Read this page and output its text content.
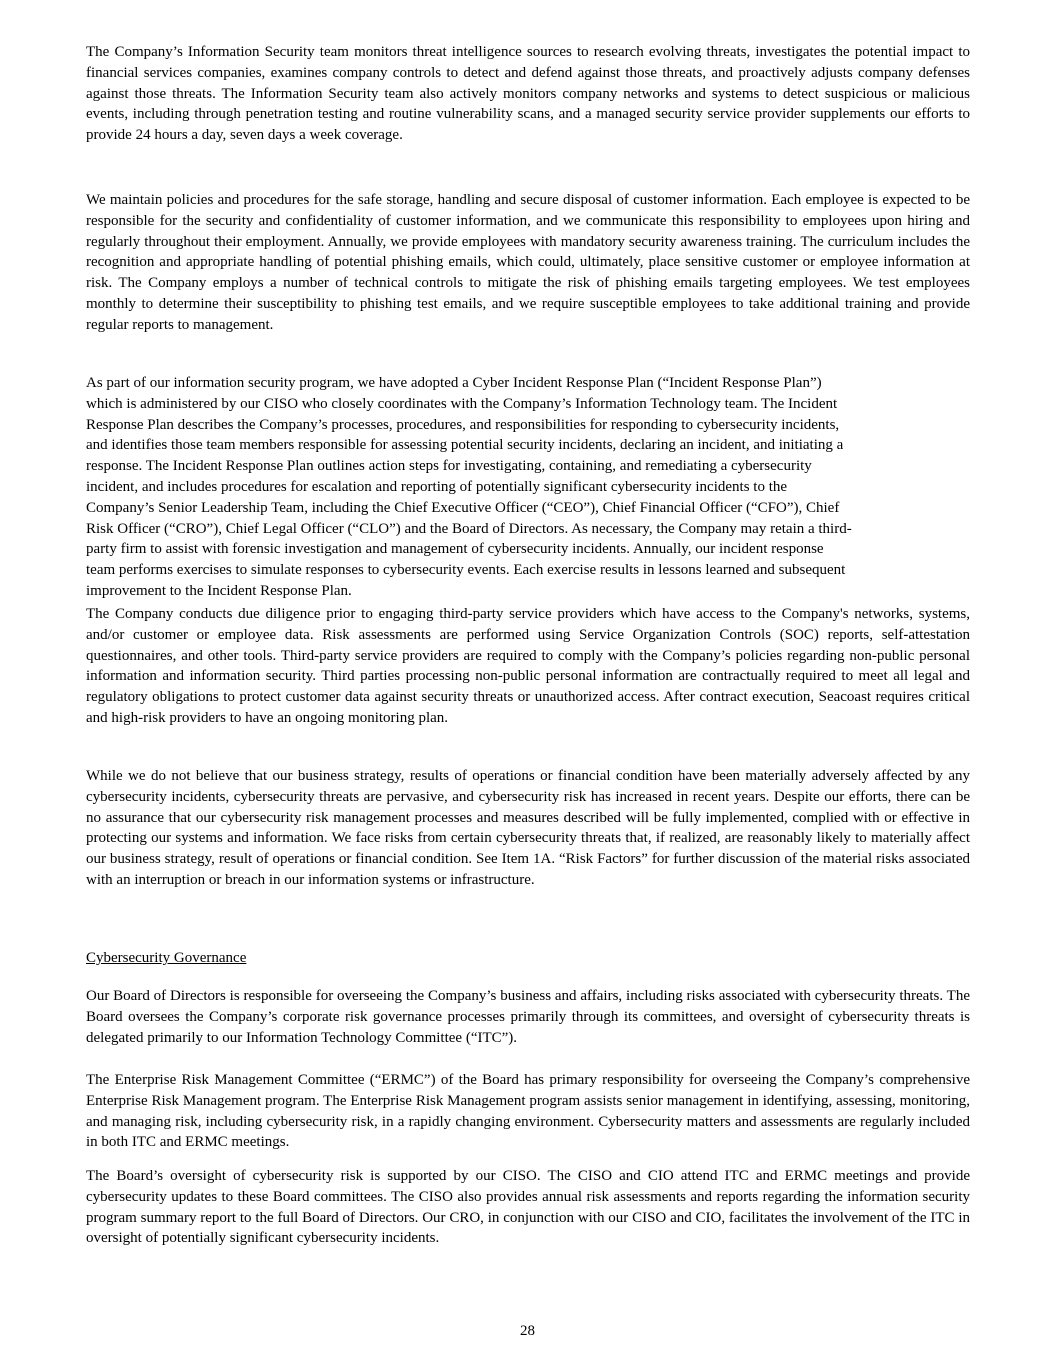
The Company’s Information Security team monitors threat intelligence sources to research evolving threats, investigates the potential impact to financial services companies, examines company controls to detect and defend against those threats, and proactively adjusts company defenses against those threats. The Information Security team also actively monitors company networks and systems to detect suspicious or malicious events, including through penetration testing and routine vulnerability scans, and a managed security service provider supplements our efforts to provide 24 hours a day, seven days a week coverage.

We maintain policies and procedures for the safe storage, handling and secure disposal of customer information. Each employee is expected to be responsible for the security and confidentiality of customer information, and we communicate this responsibility to employees upon hiring and regularly throughout their employment. Annually, we provide employees with mandatory security awareness training. The curriculum includes the recognition and appropriate handling of potential phishing emails, which could, ultimately, place sensitive customer or employee information at risk. The Company employs a number of technical controls to mitigate the risk of phishing emails targeting employees. We test employees monthly to determine their susceptibility to phishing test emails, and we require susceptible employees to take additional training and provide regular reports to management.

As part of our information security program, we have adopted a Cyber Incident Response Plan (“Incident Response Plan”)
which is administered by our CISO who closely coordinates with the Company’s Information Technology team. The Incident
Response Plan describes the Company’s processes, procedures, and responsibilities for responding to cybersecurity incidents,
and identifies those team members responsible for assessing potential security incidents, declaring an incident, and initiating a
response. The Incident Response Plan outlines action steps for investigating, containing, and remediating a cybersecurity
incident, and includes procedures for escalation and reporting of potentially significant cybersecurity incidents to the
Company’s Senior Leadership Team, including the Chief Executive Officer (“CEO”), Chief Financial Officer (“CFO”), Chief
Risk Officer (“CRO”), Chief Legal Officer (“CLO”) and the Board of Directors. As necessary, the Company may retain a third-
party firm to assist with forensic investigation and management of cybersecurity incidents. Annually, our incident response
team performs exercises to simulate responses to cybersecurity events. Each exercise results in lessons learned and subsequent
improvement to the Incident Response Plan.

The Company conducts due diligence prior to engaging third-party service providers which have access to the Company's networks, systems, and/or customer or employee data. Risk assessments are performed using Service Organization Controls (SOC) reports, self-attestation questionnaires, and other tools. Third-party service providers are required to comply with the Company’s policies regarding non-public personal information and information security. Third parties processing non-public personal information are contractually required to meet all legal and regulatory obligations to protect customer data against security threats or unauthorized access. After contract execution, Seacoast requires critical and high-risk providers to have an ongoing monitoring plan.

While we do not believe that our business strategy, results of operations or financial condition have been materially adversely affected by any cybersecurity incidents, cybersecurity threats are pervasive, and cybersecurity risk has increased in recent years. Despite our efforts, there can be no assurance that our cybersecurity risk management processes and measures described will be fully implemented, complied with or effective in protecting our systems and information. We face risks from certain cybersecurity threats that, if realized, are reasonably likely to materially affect our business strategy, result of operations or financial condition. See Item 1A. “Risk Factors” for further discussion of the material risks associated with an interruption or breach in our information systems or infrastructure.

Cybersecurity Governance

Our Board of Directors is responsible for overseeing the Company’s business and affairs, including risks associated with cybersecurity threats. The Board oversees the Company’s corporate risk governance processes primarily through its committees, and oversight of cybersecurity threats is delegated primarily to our Information Technology Committee (“ITC”).

The Enterprise Risk Management Committee (“ERMC”) of the Board has primary responsibility for overseeing the Company’s comprehensive Enterprise Risk Management program. The Enterprise Risk Management program assists senior management in identifying, assessing, monitoring, and managing risk, including cybersecurity risk, in a rapidly changing environment. Cybersecurity matters and assessments are regularly included in both ITC and ERMC meetings.

The Board’s oversight of cybersecurity risk is supported by our CISO. The CISO and CIO attend ITC and ERMC meetings and provide cybersecurity updates to these Board committees. The CISO also provides annual risk assessments and reports regarding the information security program summary report to the full Board of Directors. Our CRO, in conjunction with our CISO and CIO, facilitates the involvement of the ITC in oversight of potentially significant cybersecurity incidents.

28
